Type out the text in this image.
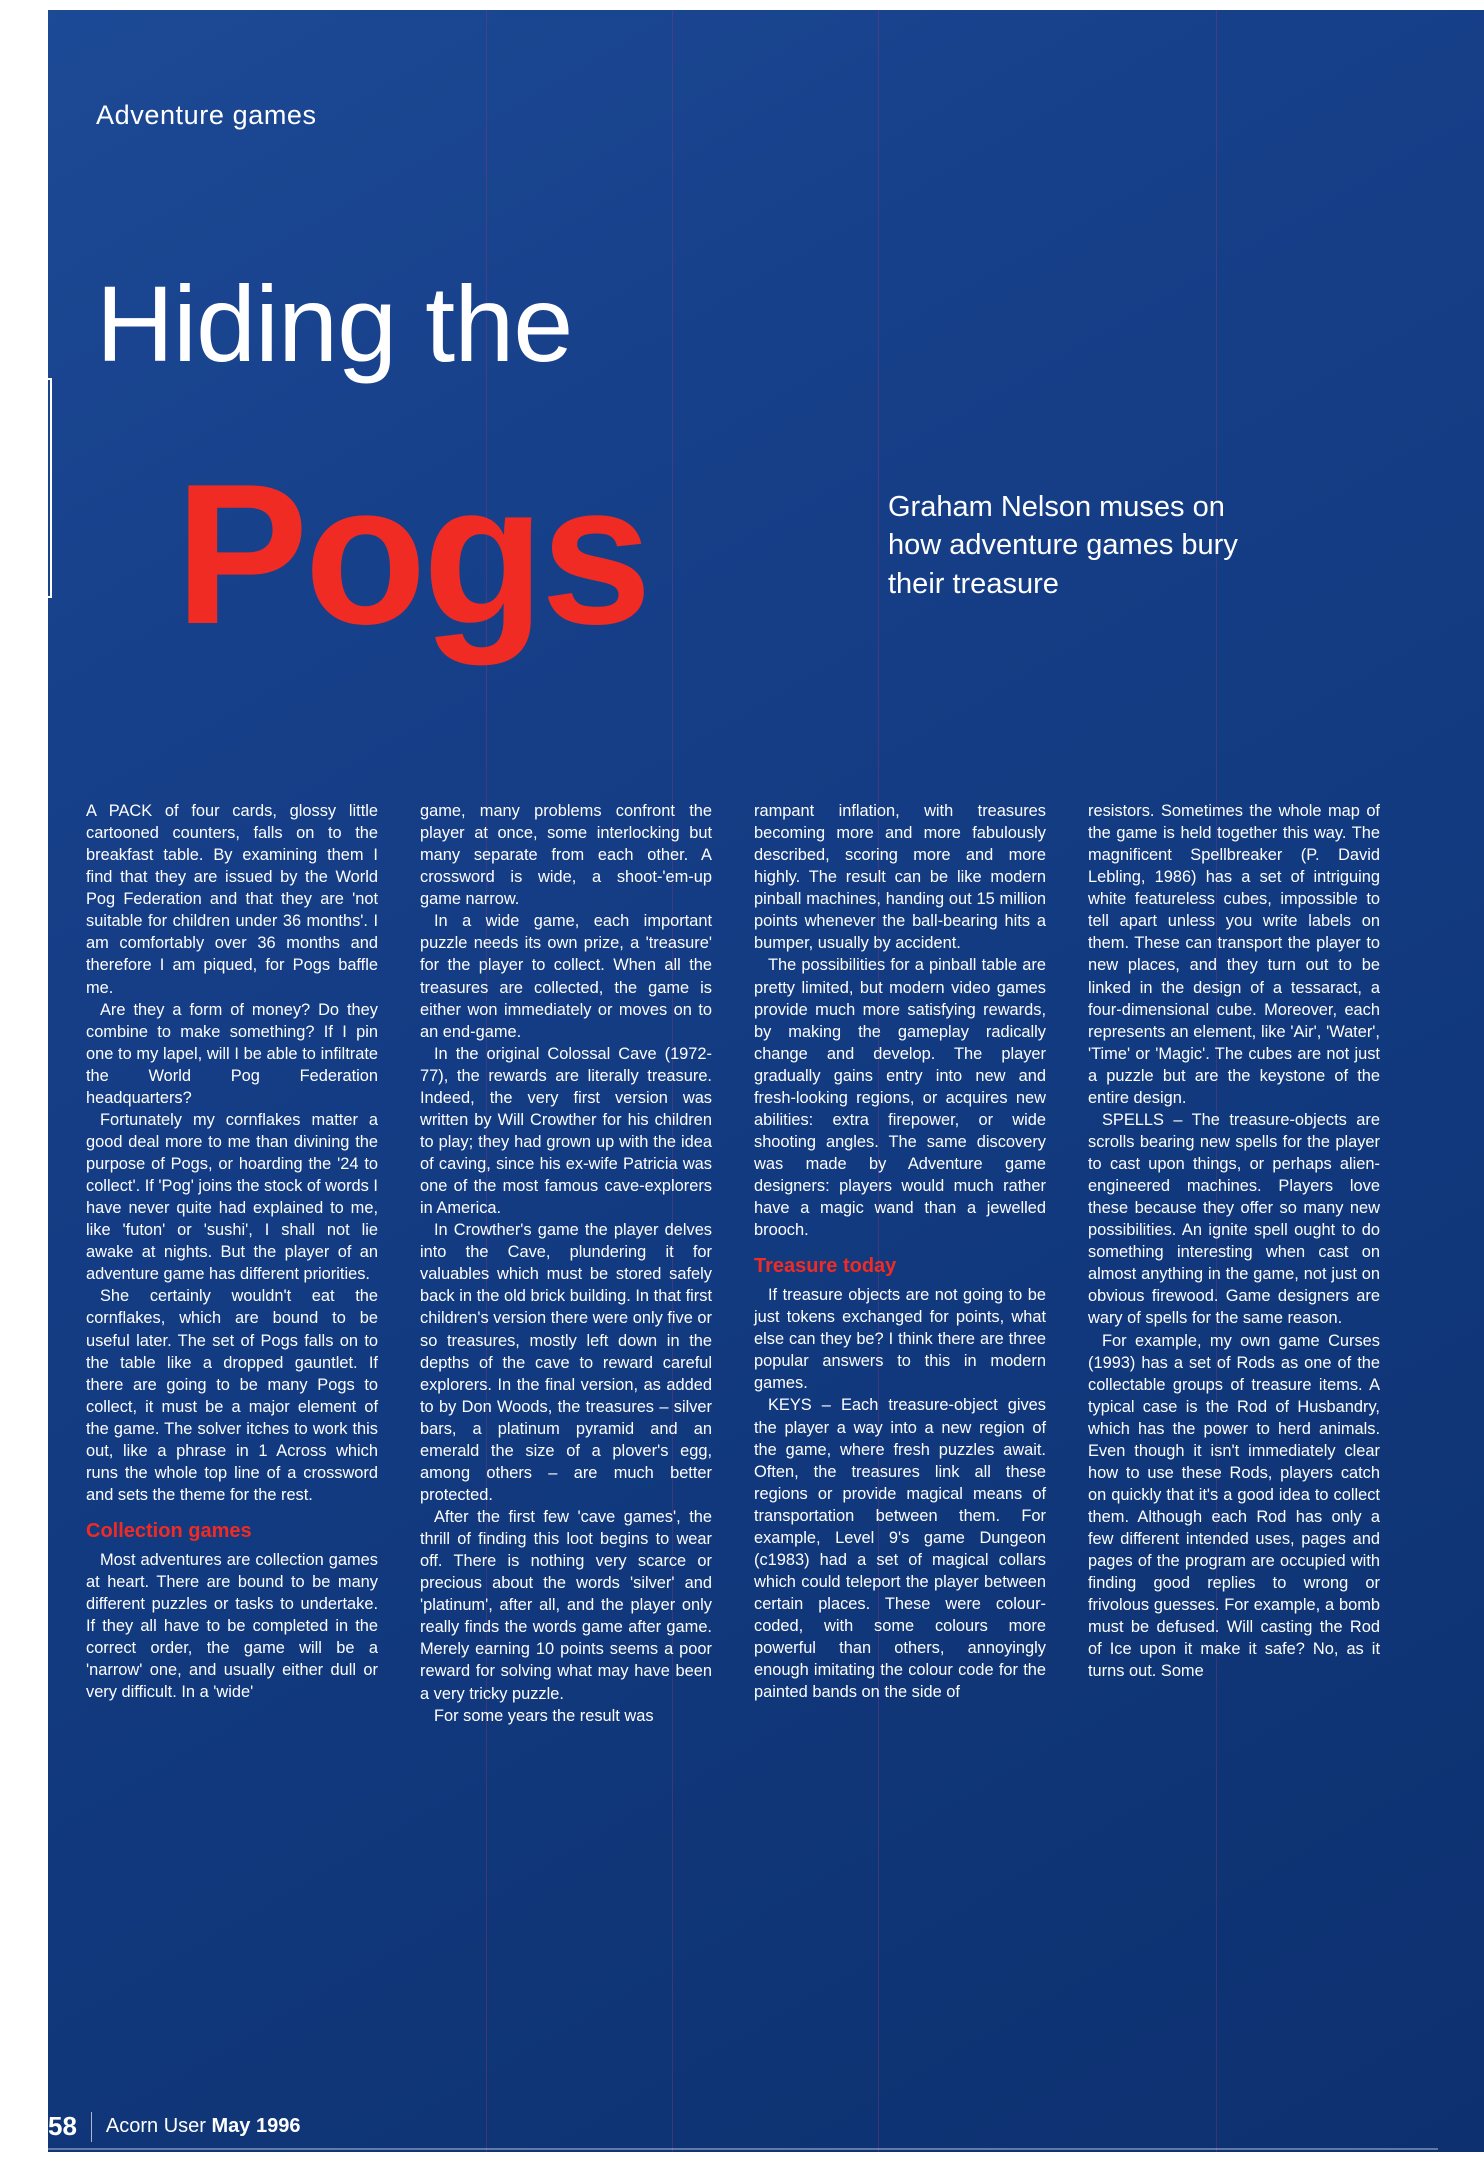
GAMES
Adventure games
Hiding the
Pogs	Graham Nelson muses on how adventure games bury their treasure

A PACK of four cards, glossy little cartooned counters, falls on to the breakfast table. By examining them I find that they are issued by the World Pog Federation and that they are 'not suitable for children under 36 months'. I am comfortably over 36 months and therefore I am piqued, for Pogs baffle me.

Are they a form of money? Do they combine to make something? If I pin one to my lapel, will I be able to infiltrate the World Pog Federation headquarters?

Fortunately my cornflakes matter a good deal more to me than divining the purpose of Pogs, or hoarding the '24 to collect'. If 'Pog' joins the stock of words I have never quite had explained to me, like 'futon' or 'sushi', I shall not lie awake at nights. But the player of an adventure game has different priorities.

She certainly wouldn't eat the cornflakes, which are bound to be useful later. The set of Pogs falls on to the table like a dropped gauntlet. If there are going to be many Pogs to collect, it must be a major element of the game. The solver itches to work this out, like a phrase in 1 Across which runs the whole top line of a crossword and sets the theme for the rest.

Collection games

Most adventures are collection games at heart. There are bound to be many different puzzles or tasks to undertake. If they all have to be completed in the correct order, the game will be a 'narrow' one, and usually either dull or very difficult. In a 'wide'

game, many problems confront the player at once, some interlocking but many separate from each other. A crossword is wide, a shoot-'em-up game narrow.

In a wide game, each important puzzle needs its own prize, a 'treasure' for the player to collect. When all the treasures are collected, the game is either won immediately or moves on to an end-game.

In the original Colossal Cave (1972-77), the rewards are literally treasure. Indeed, the very first version was written by Will Crowther for his children to play; they had grown up with the idea of caving, since his ex-wife Patricia was one of the most famous cave-explorers in America.

In Crowther's game the player delves into the Cave, plundering it for valuables which must be stored safely back in the old brick building. In that first children's version there were only five or so treasures, mostly left down in the depths of the cave to reward careful explorers. In the final version, as added to by Don Woods, the treasures – silver bars, a platinum pyramid and an emerald the size of a plover's egg, among others – are much better protected.

After the first few 'cave games', the thrill of finding this loot begins to wear off. There is nothing very scarce or precious about the words 'silver' and 'platinum', after all, and the player only really finds the words game after game. Merely earning 10 points seems a poor reward for solving what may have been a very tricky puzzle.

For some years the result was

rampant inflation, with treasures becoming more and more fabulously described, scoring more and more highly. The result can be like modern pinball machines, handing out 15 million points whenever the ball-bearing hits a bumper, usually by accident.

The possibilities for a pinball table are pretty limited, but modern video games provide much more satisfying rewards, by making the gameplay radically change and develop. The player gradually gains entry into new and fresh-looking regions, or acquires new abilities: extra firepower, or wide shooting angles. The same discovery was made by Adventure game designers: players would much rather have a magic wand than a jewelled brooch.

Treasure today

If treasure objects are not going to be just tokens exchanged for points, what else can they be? I think there are three popular answers to this in modern games.

KEYS – Each treasure-object gives the player a way into a new region of the game, where fresh puzzles await. Often, the treasures link all these regions or provide magical means of transportation between them. For example, Level 9's game Dungeon (c1983) had a set of magical collars which could teleport the player between certain places. These were colour-coded, with some colours more powerful than others, annoyingly enough imitating the colour code for the painted bands on the side of

resistors. Sometimes the whole map of the game is held together this way. The magnificent Spellbreaker (P. David Lebling, 1986) has a set of intriguing white featureless cubes, impossible to tell apart unless you write labels on them. These can transport the player to new places, and they turn out to be linked in the design of a tessaract, a four-dimensional cube. Moreover, each represents an element, like 'Air', 'Water', 'Time' or 'Magic'. The cubes are not just a puzzle but are the keystone of the entire design.

SPELLS – The treasure-objects are scrolls bearing new spells for the player to cast upon things, or perhaps alien-engineered machines. Players love these because they offer so many new possibilities. An ignite spell ought to do something interesting when cast on almost anything in the game, not just on obvious firewood. Game designers are wary of spells for the same reason.

For example, my own game Curses (1993) has a set of Rods as one of the collectable groups of treasure items. A typical case is the Rod of Husbandry, which has the power to herd animals. Even though it isn't immediately clear how to use these Rods, players catch on quickly that it's a good idea to collect them. Although each Rod has only a few different intended uses, pages and pages of the program are occupied with finding good replies to wrong or frivolous guesses. For example, a bomb must be defused. Will casting the Rod of Ice upon it make it safe? No, as it turns out. Some

58 Acorn User May 1996
